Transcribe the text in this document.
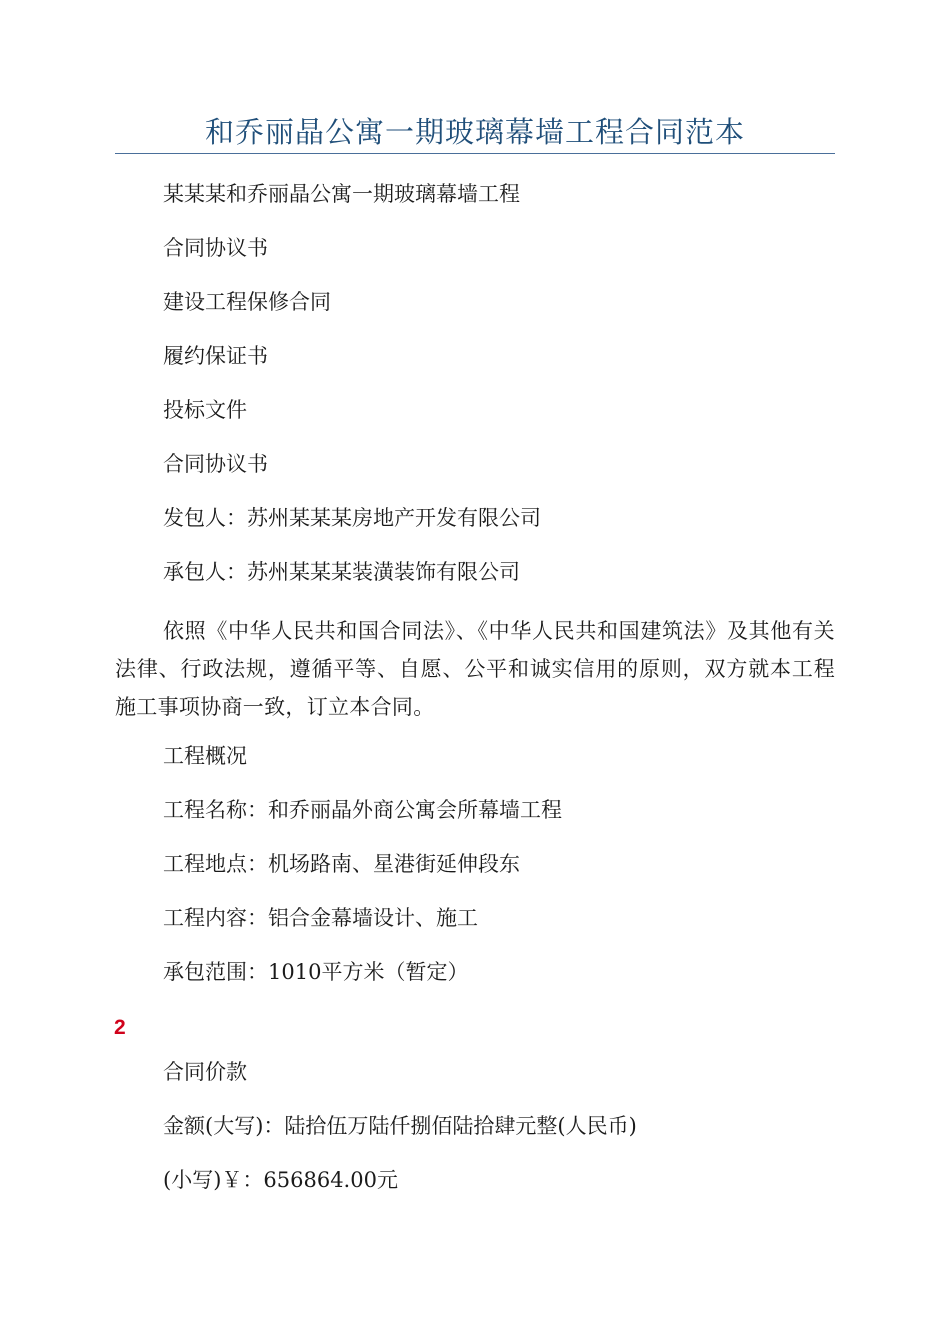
和乔丽晶公寓一期玻璃幕墙工程合同范本
某某某和乔丽晶公寓一期玻璃幕墙工程
合同协议书
建设工程保修合同
履约保证书
投标文件
合同协议书
发包人：苏州某某某房地产开发有限公司
承包人：苏州某某某装潢装饰有限公司
依照《中华人民共和国合同法》、《中华人民共和国建筑法》及其他有关法律、行政法规，遵循平等、自愿、公平和诚实信用的原则，双方就本工程施工事项协商一致，订立本合同。
工程概况
工程名称：和乔丽晶外商公寓会所幕墙工程
工程地点：机场路南、星港街延伸段东
工程内容：铝合金幕墙设计、施工
承包范围：1010平方米（暂定）
2
合同价款
金额(大写)：陆拾伍万陆仟捌佰陆拾肆元整(人民币)
(小写)￥：656864.00元
